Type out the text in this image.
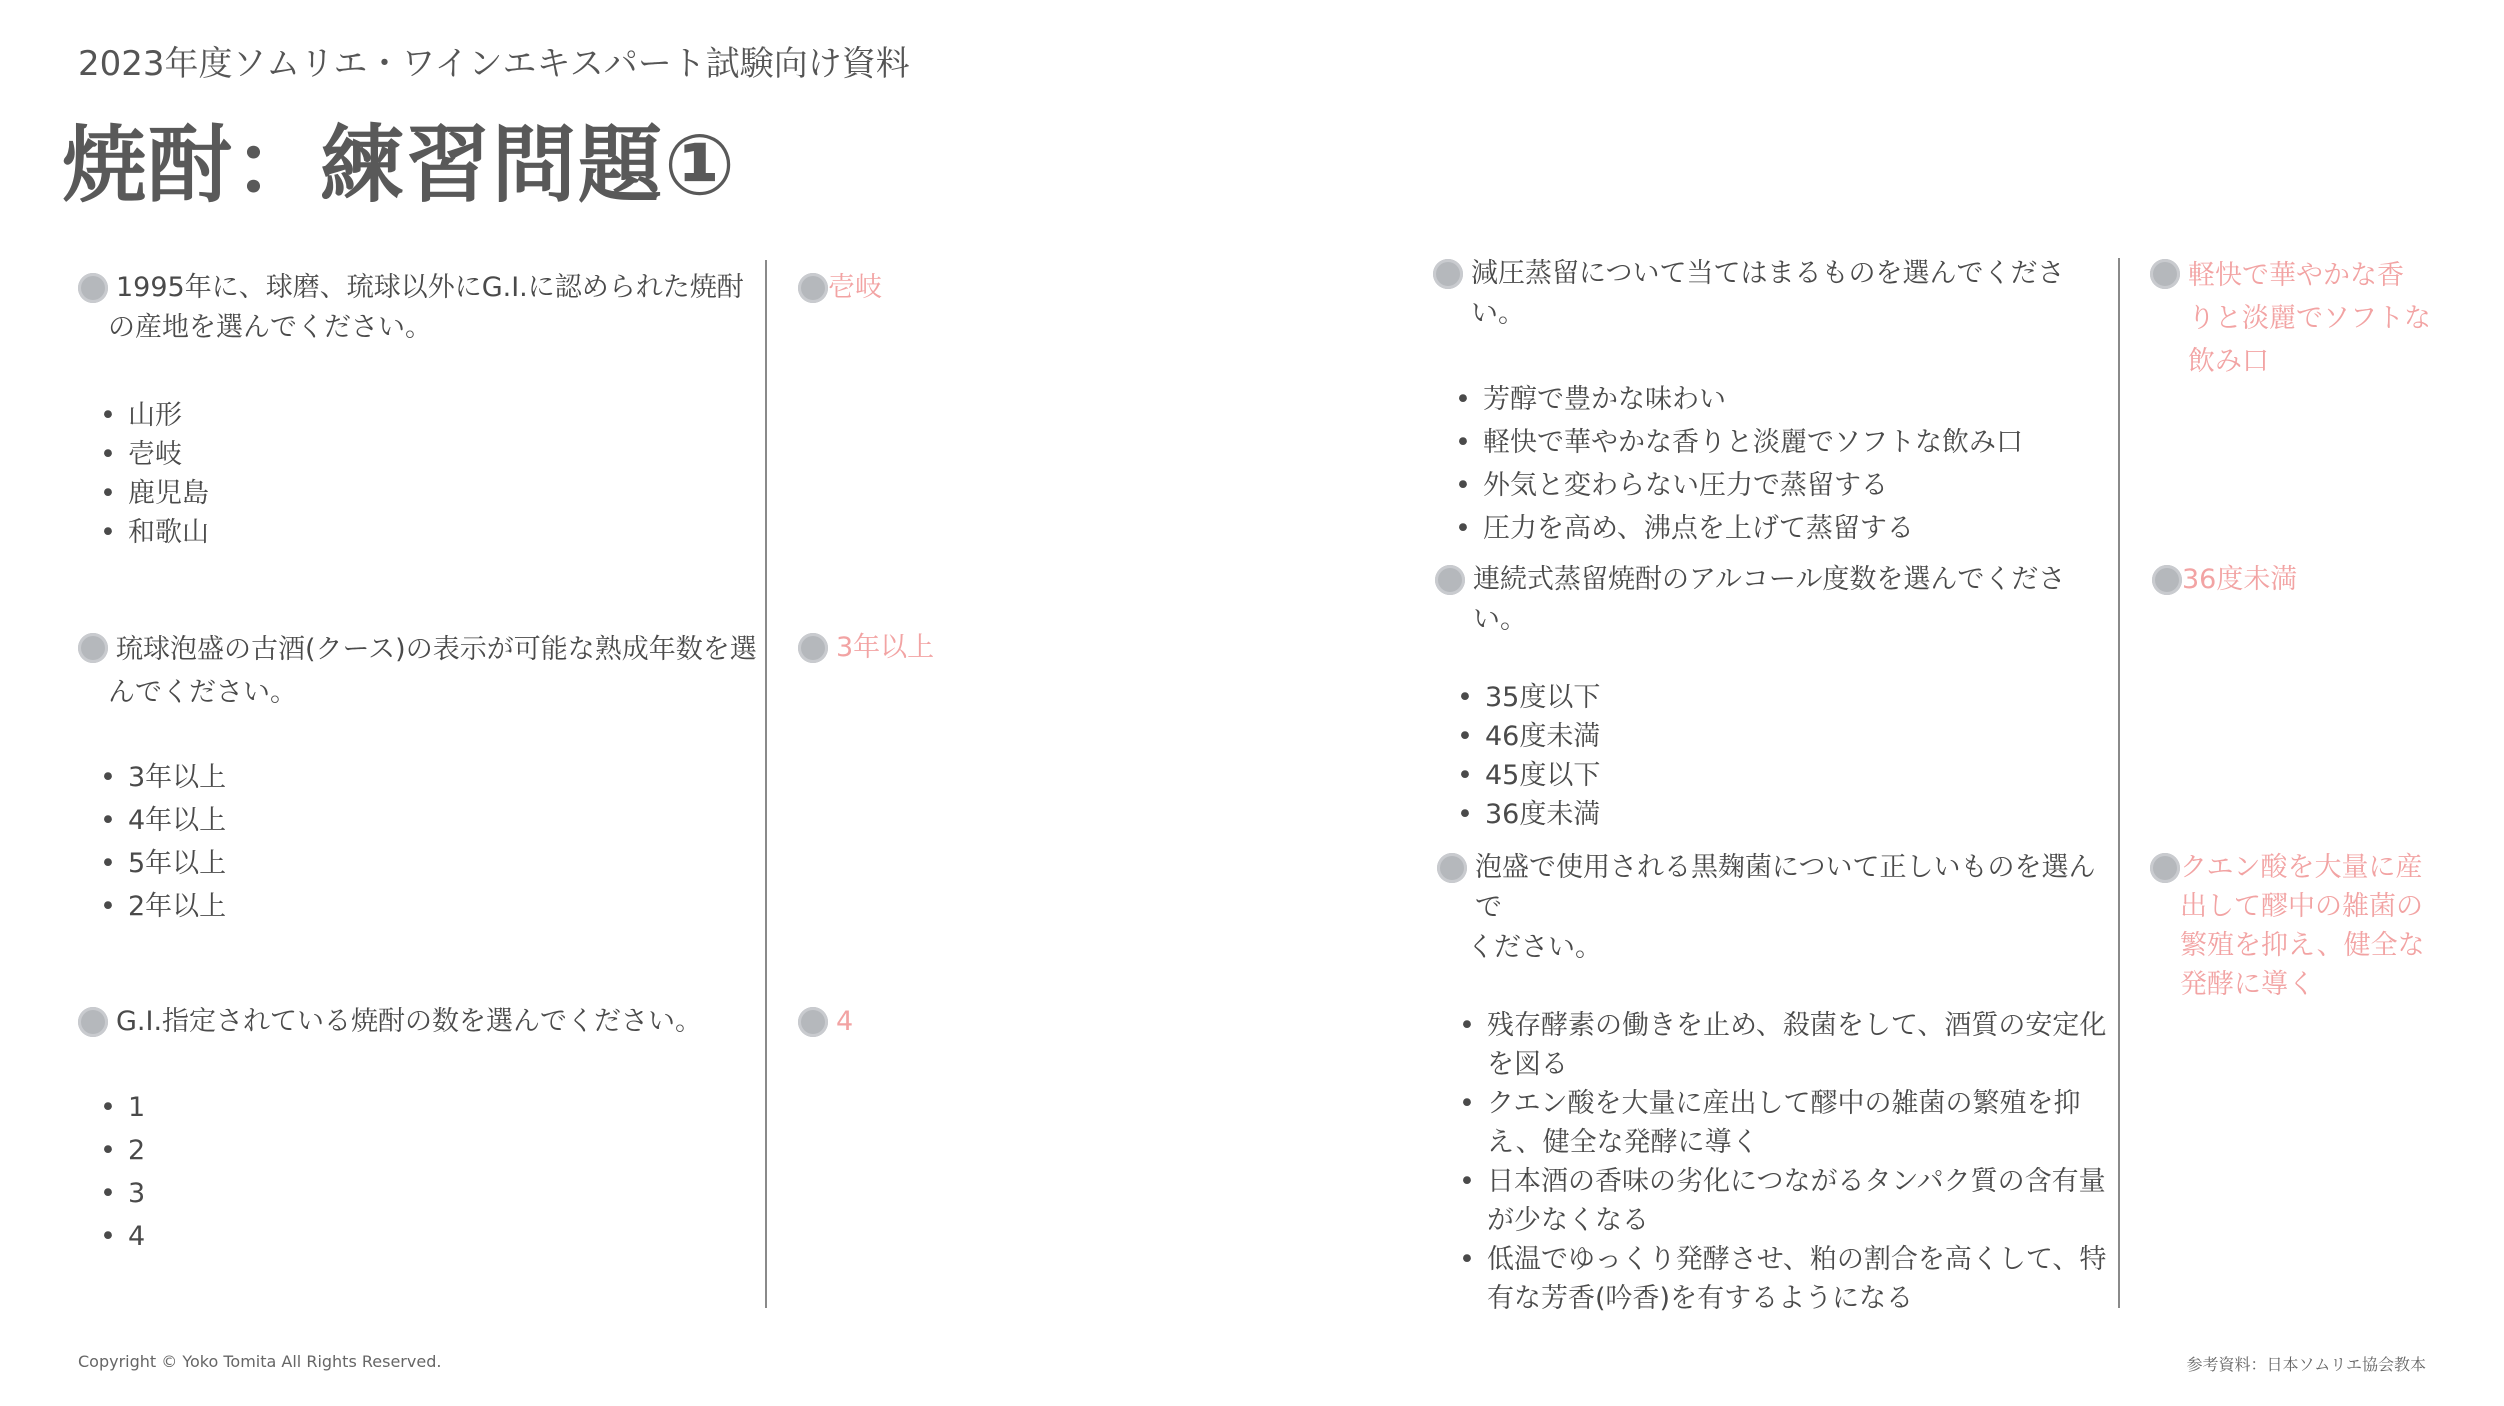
2023年度ソムリエ・ワインエキスパート試験向け資料
焼酎：練習問題①
1995年に、球磨、琉球以外にG.I.に認められた焼酎
の産地を選んでください。
• 山形
• 壱岐
• 鹿児島
• 和歌山
壱岐
琉球泡盛の古酒(クース)の表示が可能な熟成年数を選
んでください。
• 3年以上
• 4年以上
• 5年以上
• 2年以上
3年以上
G.I.指定されている焼酎の数を選んでください。
• 1
• 2
• 3
• 4
4
減圧蒸留について当てはまるものを選んでください。
• 芳醇で豊かな味わい
• 軽快で華やかな香りと淡麗でソフトな飲み口
• 外気と変わらない圧力で蒸留する
• 圧力を高め、沸点を上げて蒸留する
軽快で華やかな香
りと淡麗でソフトな
飲み口
連続式蒸留焼酎のアルコール度数を選んでください。
• 35度以下
• 46度未満
• 45度以下
• 36度未満
36度未満
泡盛で使用される黒麹菌について正しいものを選んで
ください。
• 残存酵素の働きを止め、殺菌をして、酒質の安定化
を図る
• クエン酸を大量に産出して醪中の雑菌の繁殖を抑
え、健全な発酵に導く
• 日本酒の香味の劣化につながるタンパク質の含有量
が少なくなる
• 低温でゆっくり発酵させ、粕の割合を高くして、特
有な芳香(吟香)を有するようになる
クエン酸を大量に産
出して醪中の雑菌の
繁殖を抑え、健全な
発酵に導く
Copyright © Yoko Tomita All Rights Reserved.	参考資料：日本ソムリエ協会教本
